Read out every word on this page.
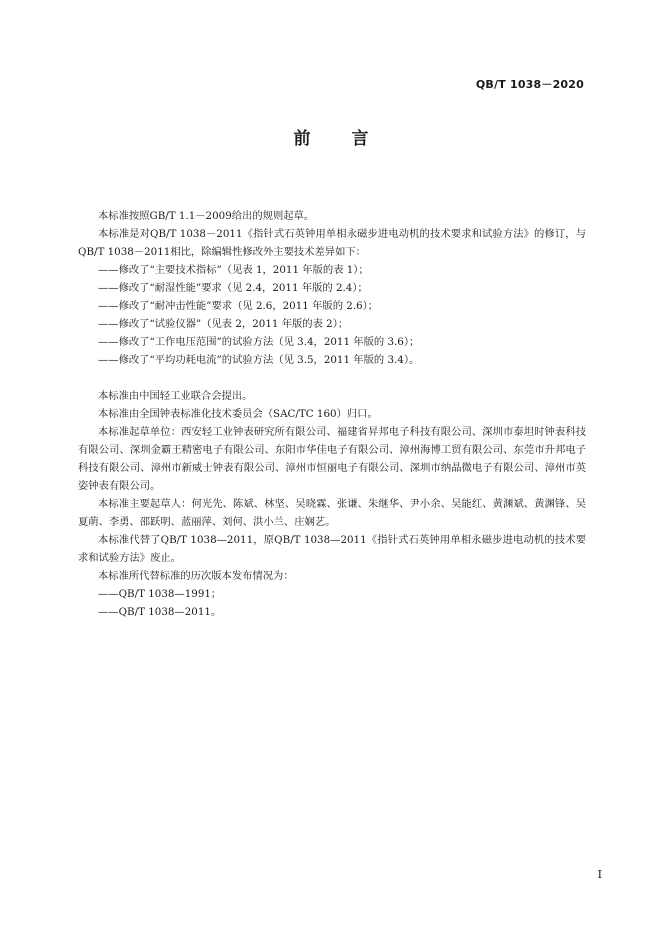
QB/T 1038－2020
前　言

本标准按照GB/T 1.1－2009给出的规则起草。

本标准是对QB/T 1038－2011《指针式石英钟用单相永磁步进电动机的技术要求和试验方法》的修订，与QB/T 1038－2011相比，除编辑性修改外主要技术差异如下：

——修改了“主要技术指标”（见表 1，2011 年版的表 1）；

——修改了“耐湿性能”要求（见 2.4，2011 年版的 2.4）；

——修改了“耐冲击性能”要求（见 2.6，2011 年版的 2.6）；

——修改了“试验仪器”（见表 2，2011 年版的表 2）；

——修改了“工作电压范围”的试验方法（见 3.4，2011 年版的 3.6）；

——修改了“平均功耗电流”的试验方法（见 3.5，2011 年版的 3.4）。

本标准由中国轻工业联合会提出。

本标准由全国钟表标准化技术委员会（SAC/TC 160）归口。

本标准起草单位：西安轻工业钟表研究所有限公司、福建省昇邦电子科技有限公司、深圳市泰坦时钟表科技有限公司、深圳金霸王精密电子有限公司、东阳市华佳电子有限公司、漳州海博工贸有限公司、东莞市升邦电子科技有限公司、漳州市新威士钟表有限公司、漳州市恒丽电子有限公司、深圳市纳晶微电子有限公司、漳州市英姿钟表有限公司。

本标准主要起草人：何光先、陈斌、林坚、吴晓霖、张谦、朱继华、尹小余、吴能红、黄渊斌、黄渊锋、吴夏萌、李勇、邵跃明、蓝丽萍、刘何、洪小兰、庄娴艺。

本标准代替了QB/T 1038—2011，原QB/T 1038—2011《指针式石英钟用单相永磁步进电动机的技术要求和试验方法》废止。

本标准所代替标准的历次版本发布情况为：

——QB/T 1038—1991；

——QB/T 1038—2011。

I
